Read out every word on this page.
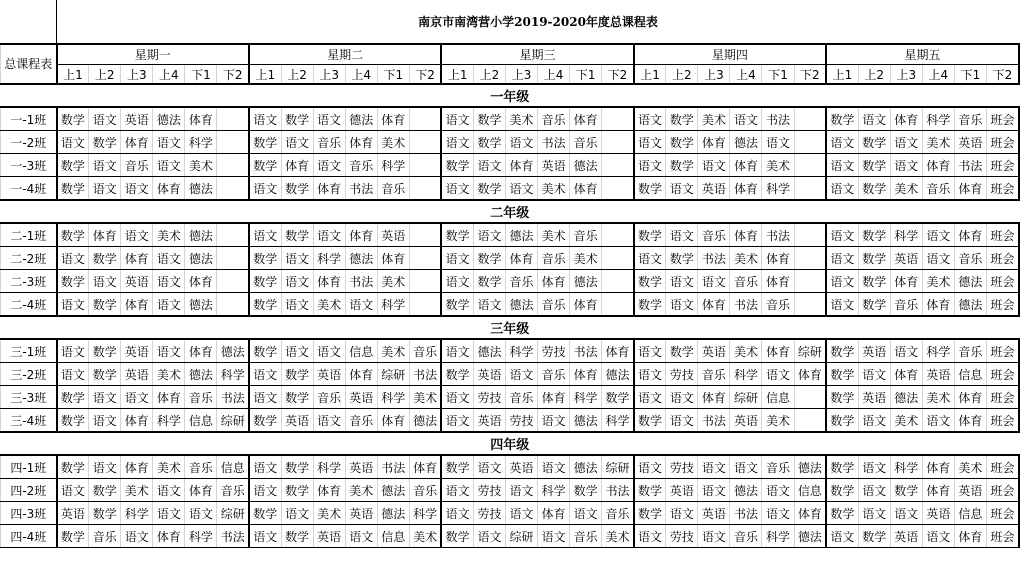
	南京市南湾营小学2019-2020年度总课程表																													
总课程表	星期一						星期二						星期三						星期四						星期五					
	上1	上2	上3	上4	下1	下2	上1	上2	上3	上4	下1	下2	上1	上2	上3	上4	下1	下2	上1	上2	上3	上4	下1	下2	上1	上2	上3	上4	下1	下2
一年级																														
一-1班	数学	语文	英语	德法	体育		语文	数学	语文	德法	体育		语文	数学	美术	音乐	体育		语文	数学	美术	语文	书法		数学	语文	体育	科学	音乐	班会
一-2班	语文	数学	体育	语文	科学		数学	语文	音乐	体育	美术		语文	数学	语文	书法	音乐		语文	数学	体育	德法	语文		语文	数学	语文	美术	英语	班会
一-3班	数学	语文	音乐	语文	美术		数学	体育	语文	音乐	科学		数学	语文	体育	英语	德法		语文	数学	语文	体育	美术		语文	数学	语文	体育	书法	班会
一-4班	数学	语文	语文	体育	德法		语文	数学	体育	书法	音乐		语文	数学	语文	美术	体育		数学	语文	英语	体育	科学		语文	数学	美术	音乐	体育	班会
二年级																														
二-1班	数学	体育	语文	美术	德法		语文	数学	语文	体育	英语		数学	语文	德法	美术	音乐		数学	语文	音乐	体育	书法		语文	数学	科学	语文	体育	班会
二-2班	语文	数学	体育	语文	德法		数学	语文	科学	德法	体育		语文	数学	体育	音乐	美术		语文	数学	书法	美术	体育		语文	数学	英语	语文	音乐	班会
二-3班	数学	语文	英语	语文	体育		数学	语文	体育	书法	美术		语文	数学	音乐	体育	德法		数学	语文	语文	音乐	体育		语文	数学	体育	美术	德法	班会
二-4班	语文	数学	体育	语文	德法		数学	语文	美术	语文	科学		数学	语文	德法	音乐	体育		数学	语文	体育	书法	音乐		语文	数学	音乐	体育	德法	班会
三年级																														
三-1班	语文	数学	英语	语文	体育	德法	数学	语文	语文	信息	美术	音乐	语文	德法	科学	劳技	书法	体育	语文	数学	英语	美术	体育	综研	数学	英语	语文	科学	音乐	班会
三-2班	语文	数学	英语	美术	德法	科学	语文	数学	英语	体育	综研	书法	数学	英语	语文	音乐	体育	德法	语文	劳技	音乐	科学	语文	体育	数学	语文	体育	英语	信息	班会
三-3班	数学	语文	语文	体育	音乐	书法	语文	数学	音乐	英语	科学	美术	语文	劳技	音乐	体育	科学	数学	语文	语文	体育	综研	信息		数学	英语	德法	美术	体育	班会
三-4班	数学	语文	体育	科学	信息	综研	数学	英语	语文	音乐	体育	德法	语文	英语	劳技	语文	德法	科学	数学	语文	书法	英语	美术		数学	语文	美术	语文	体育	班会
四年级																														
四-1班	数学	语文	体育	美术	音乐	信息	语文	数学	科学	英语	书法	体育	数学	语文	英语	语文	德法	综研	语文	劳技	语文	语文	音乐	德法	数学	语文	科学	体育	美术	班会
四-2班	语文	数学	美术	语文	体育	音乐	语文	数学	体育	美术	德法	音乐	语文	劳技	语文	科学	数学	书法	数学	英语	语文	德法	语文	信息	数学	语文	数学	体育	英语	班会
四-3班	英语	数学	科学	语文	语文	综研	数学	语文	美术	英语	德法	科学	语文	劳技	语文	体育	语文	音乐	数学	语文	英语	书法	语文	体育	数学	语文	语文	英语	信息	班会
四-4班	数学	音乐	语文	体育	科学	书法	语文	数学	英语	语文	信息	美术	数学	语文	综研	语文	音乐	美术	语文	劳技	语文	音乐	科学	德法	语文	数学	英语	语文	体育	班会
